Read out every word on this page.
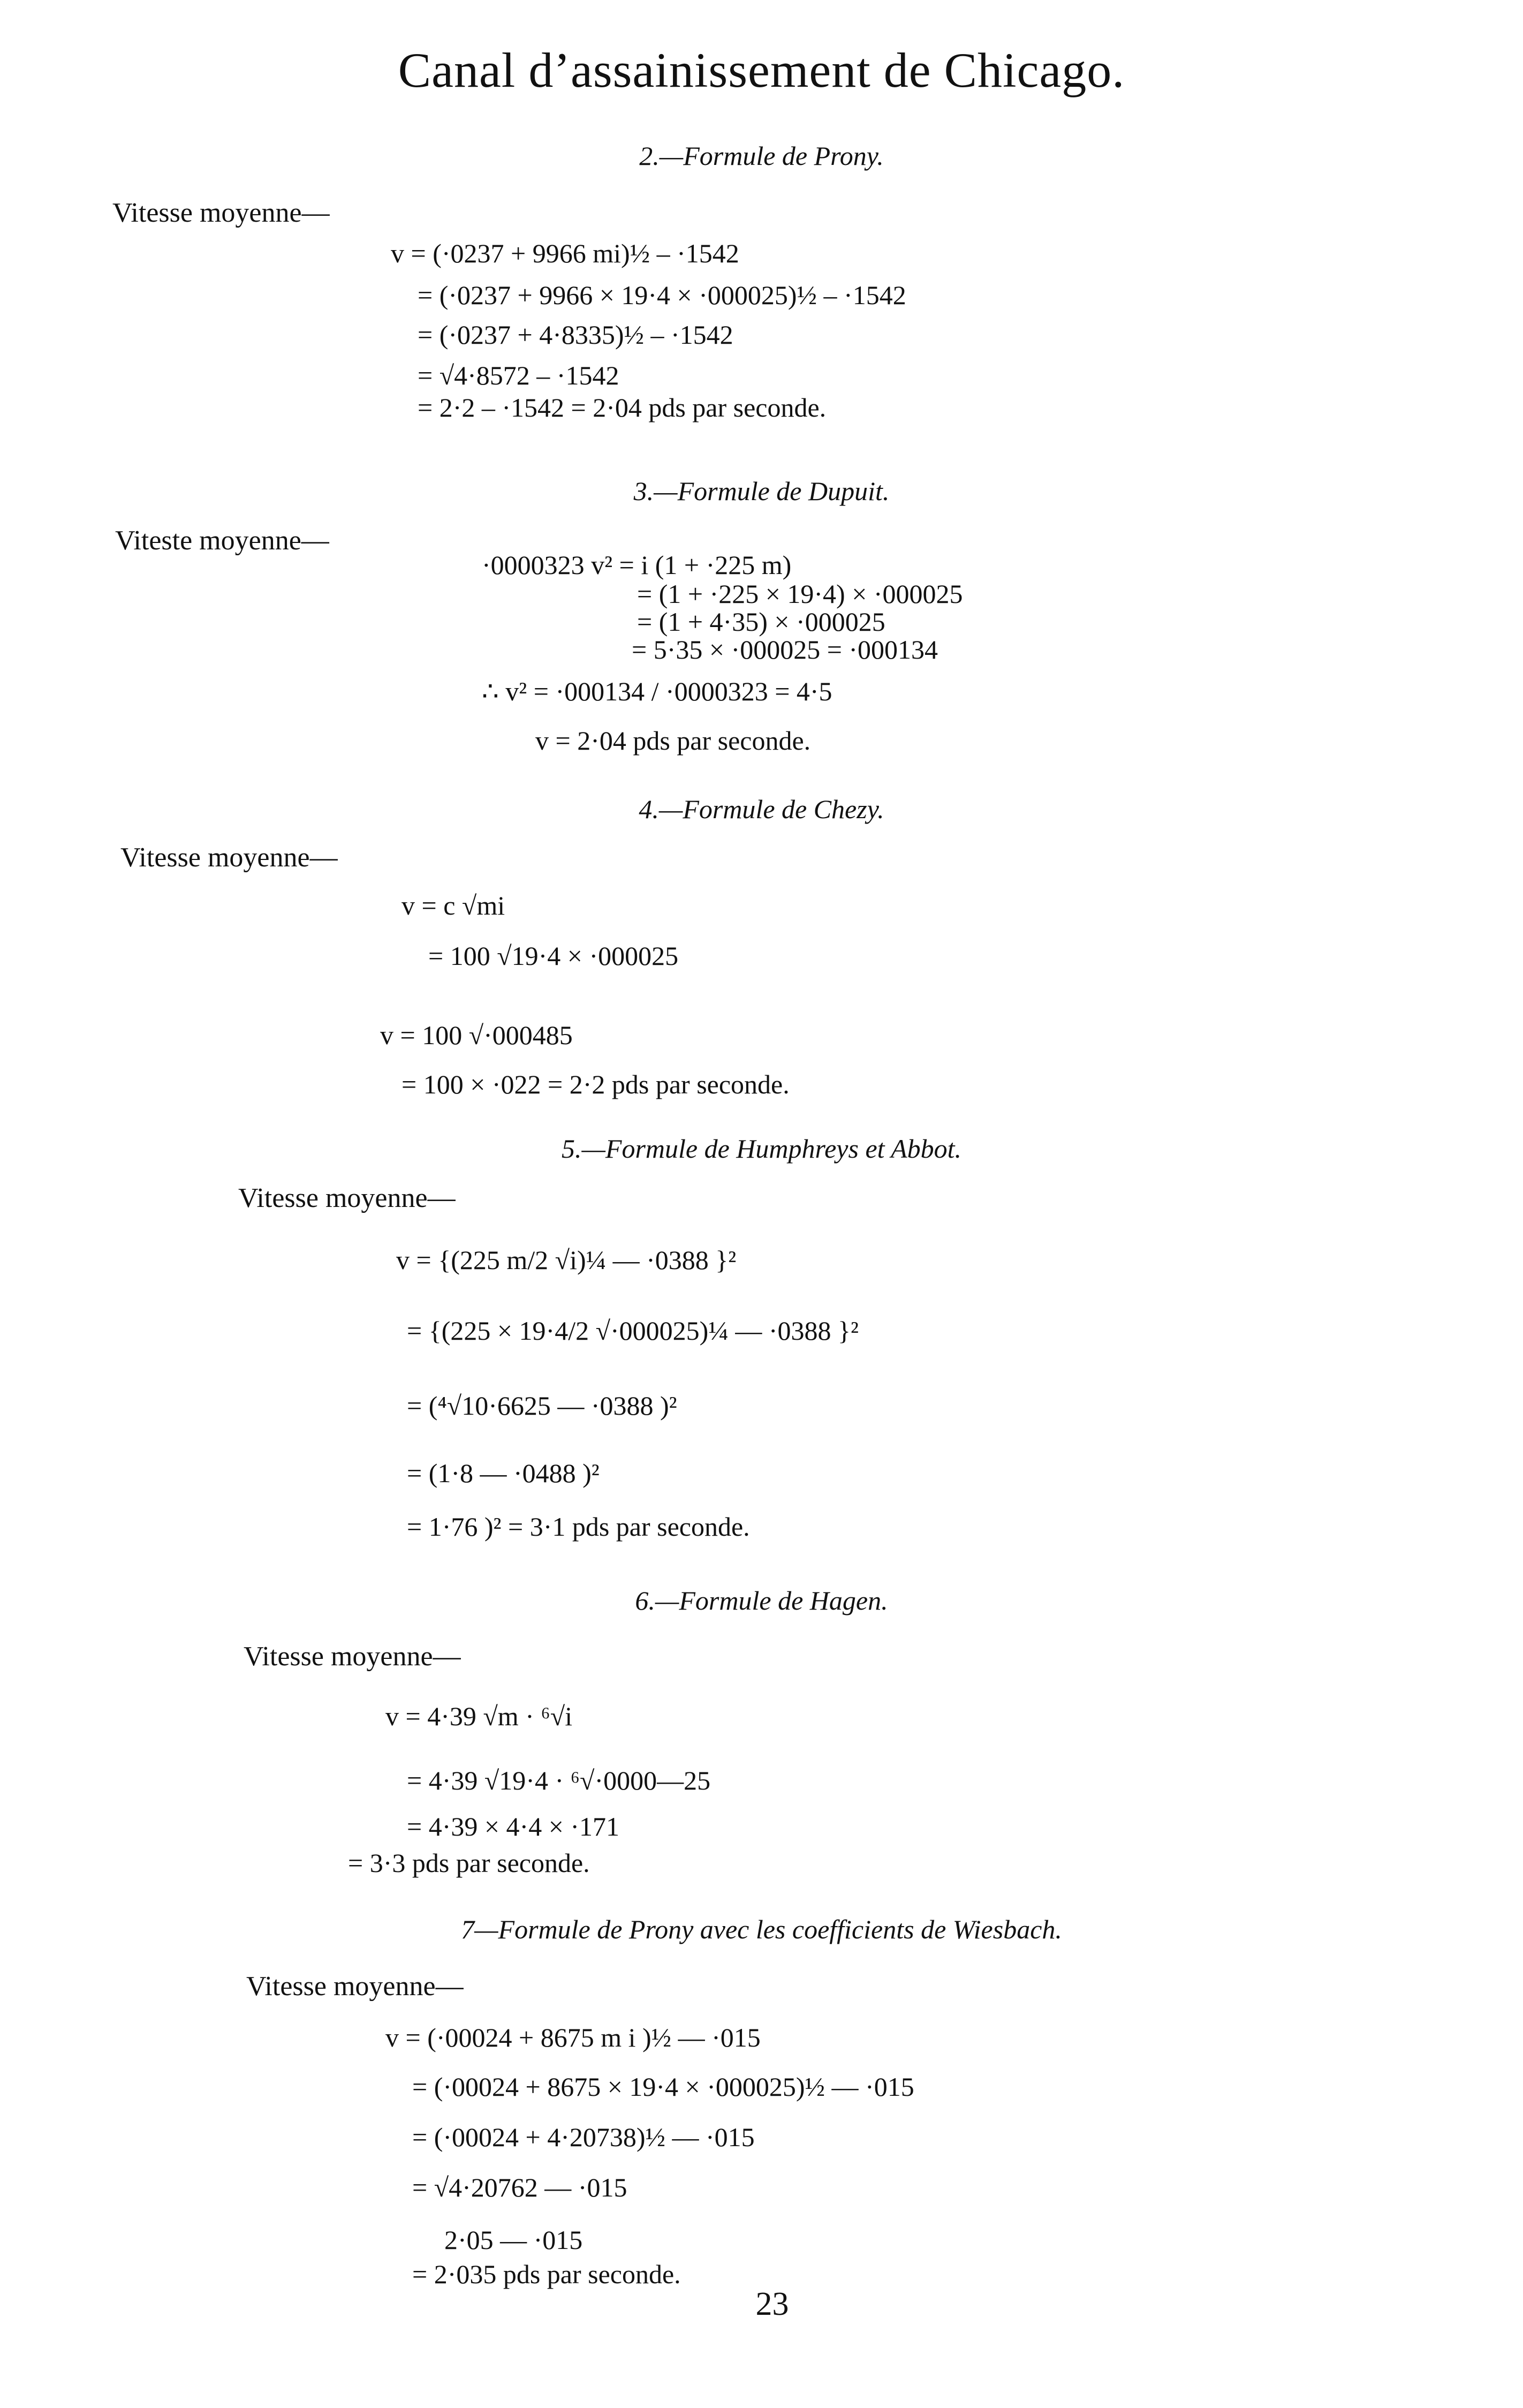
Canal d’assainissement de Chicago.
2.—Formule de Prony.
Vitesse moyenne—
v = (·0237 + 9966 mi)½ – ·1542
= (·0237 + 9966 × 19·4 × ·000025)½ – ·1542
= (·0237 + 4·8335)½ – ·1542
= √4·8572 – ·1542
= 2·2 – ·1542 = 2·04 pds par seconde.
3.—Formule de Dupuit.
Viteste moyenne—
·0000323 v² = i (1 + ·225 m)
= (1 + ·225 × 19·4) × ·000025
= (1 + 4·35) × ·000025
= 5·35 × ·000025 = ·000134
∴ v² = ·000134 / ·0000323 = 4·5
v = 2·04 pds par seconde.
4.—Formule de Chezy.
Vitesse moyenne—
v = c √mi
= 100 √19·4 × ·000025
v = 100 √·000485
= 100 × ·022 = 2·2 pds par seconde.
5.—Formule de Humphreys et Abbot.
Vitesse moyenne—
v = {(225 m/2 √i)¼ — ·0388 }²
= {(225 × 19·4/2 √·000025)¼ — ·0388 }²
= (⁴√10·6625 — ·0388 )²
= (1·8 — ·0488 )²
= 1·76 )² = 3·1 pds par seconde.
6.—Formule de Hagen.
Vitesse moyenne—
v = 4·39 √m · ⁶√i
= 4·39 √19·4 · ⁶√·0000—25
= 4·39 × 4·4 × ·171
= 3·3 pds par seconde.
7—Formule de Prony avec les coefficients de Wiesbach.
Vitesse moyenne—
v = (·00024 + 8675 m i )½ — ·015
= (·00024 + 8675 × 19·4 × ·000025)½ — ·015
= (·00024 + 4·20738)½ — ·015
= √4·20762 — ·015
2·05 — ·015
= 2·035 pds par seconde.
23
